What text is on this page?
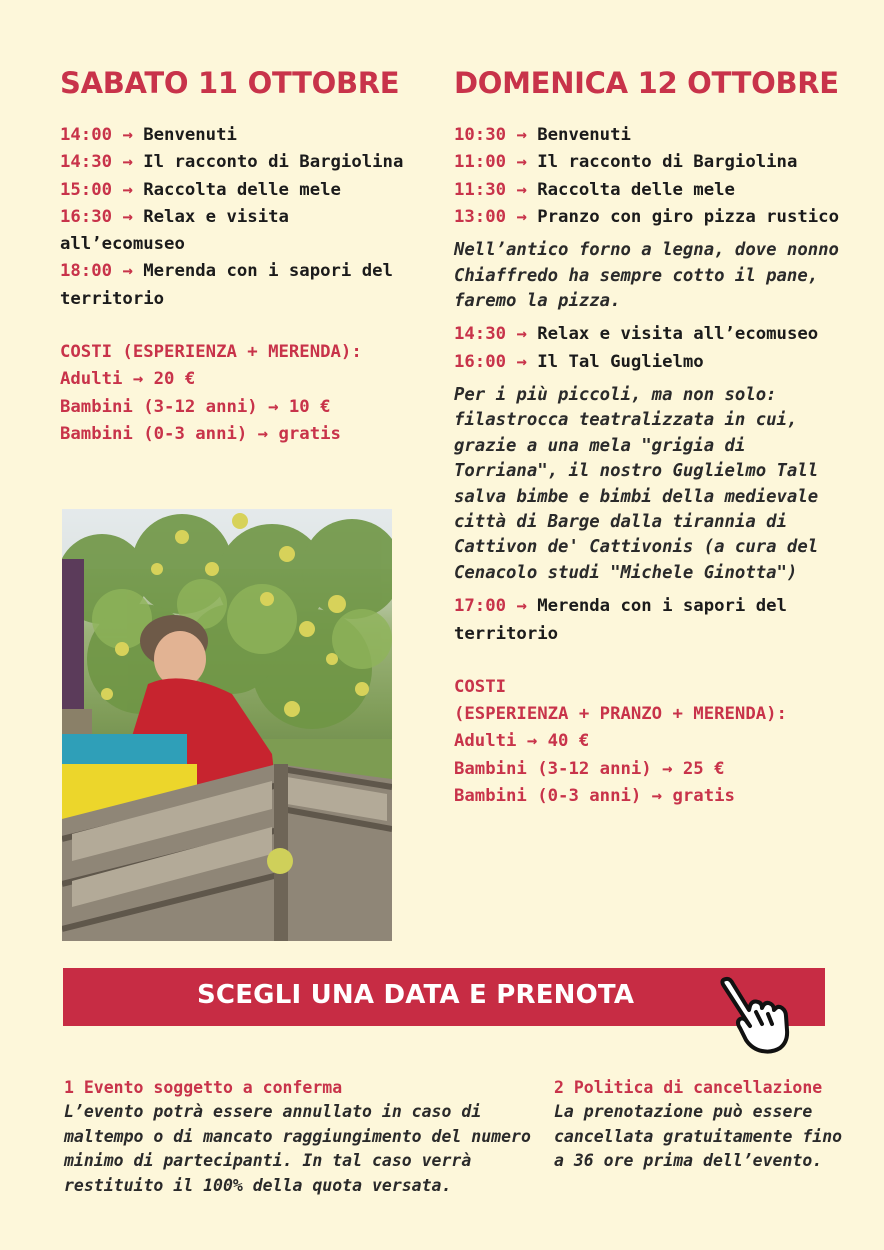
SABATO 11 OTTOBRE

14:00 → Benvenuti

14:30 → Il racconto di Bargiolina

15:00 → Raccolta delle mele

16:30 → Relax e visita all’ecomuseo

18:00 → Merenda con i sapori del territorio

COSTI (ESPERIENZA + MERENDA):

Adulti → 20 €

Bambini (3-12 anni) → 10 €

Bambini (0-3 anni) → gratis

DOMENICA 12 OTTOBRE

10:30 → Benvenuti

11:00 → Il racconto di Bargiolina

11:30 → Raccolta delle mele

13:00 → Pranzo con giro pizza rustico

Nell’antico forno a legna, dove nonno Chiaffredo ha sempre cotto il pane, faremo la pizza.

14:30 → Relax e visita all’ecomuseo

16:00 → Il Tal Guglielmo

Per i più piccoli, ma non solo: filastrocca teatralizzata in cui, grazie a una mela "grigia di Torriana", il nostro Guglielmo Tall salva bimbe e bimbi della medievale città di Barge dalla tirannia di Cattivon de' Cattivonis (a cura del Cenacolo studi "Michele Ginotta")

17:00 → Merenda con i sapori del territorio

COSTI

(ESPERIENZA + PRANZO + MERENDA):

Adulti → 40 €

Bambini (3-12 anni) → 25 €

Bambini (0-3 anni) → gratis

SCEGLI UNA DATA E PRENOTA

1 Evento soggetto a conferma

L’evento potrà essere annullato in caso di maltempo o di mancato raggiungimento del numero minimo di partecipanti. In tal caso verrà restituito il 100% della quota versata.

2 Politica di cancellazione

La prenotazione può essere cancellata gratuitamente fino a 36 ore prima dell’evento.
